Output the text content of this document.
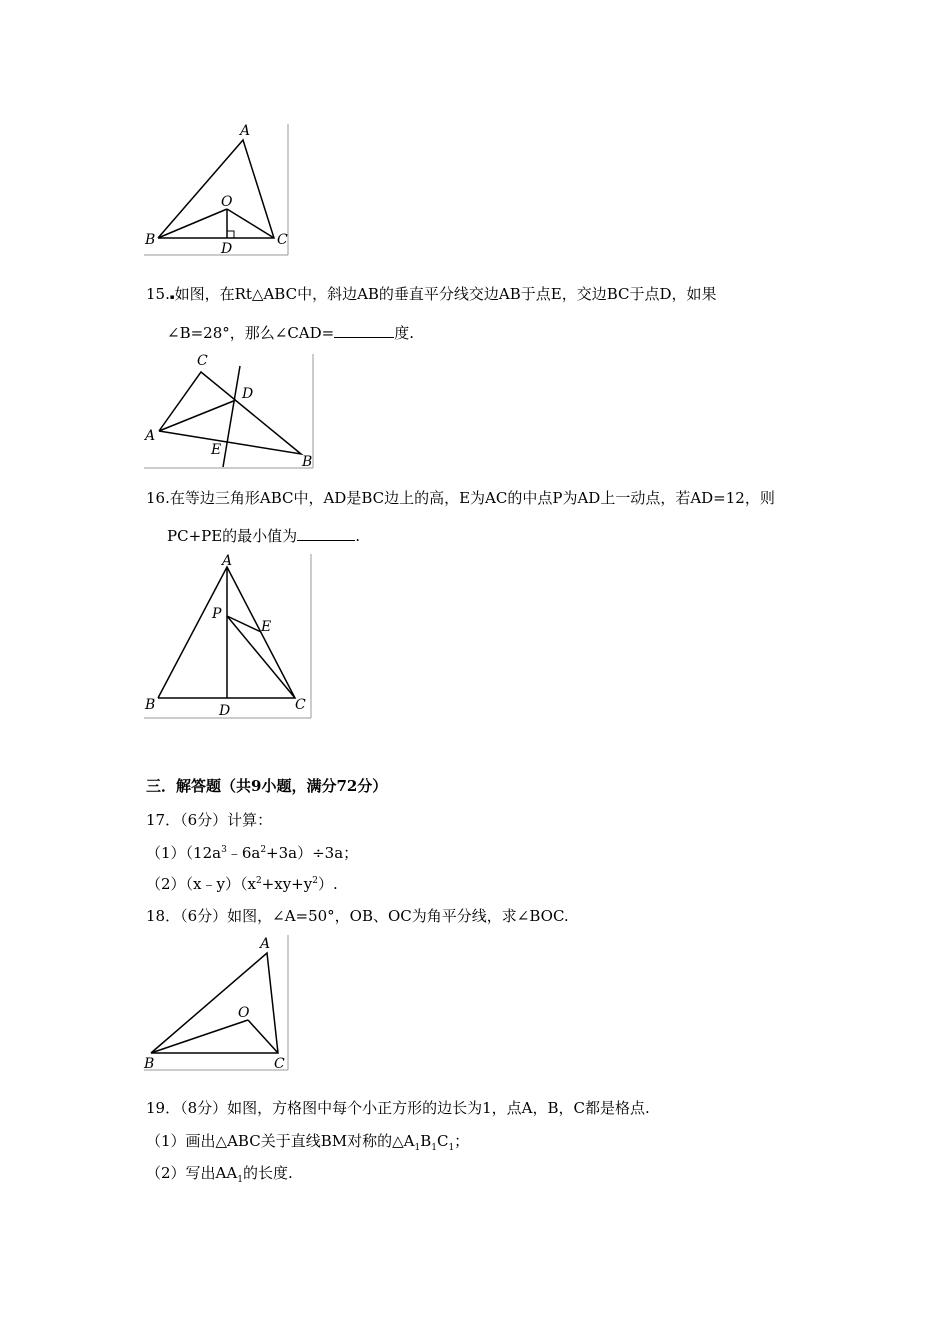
A
B	C
O
D
15.▪如图，在Rt△ABC中，斜边AB的垂直平分线交边AB于点E，交边BC于点D，如果
∠B=28°，那么∠CAD=	度.
C
D
A
E
B
16.在等边三角形ABC中，AD是BC边上的高，E为AC的中点P为AD上一动点，若AD=12，则
PC+PE的最小值为	.
A
P
E
B	D	C
三．解答题（共9小题，满分72分）
17．（6分）计算：
$(1)(12a^3﹣6a^2+3a)\div 3a$；
$(2)(x﹣y)(x^2+xy+y^2)$.
18．（6分）如图，∠A=50°，OB、OC为角平分线，求∠BOC.
A
O
B	C
19．（8分）如图，方格图中每个小正方形的边长为1，点A，B，C都是格点.
（1）画出△ABC关于直线BM对称的$\triangle A_1B_1C_1$；
（2）写出$AA_1$的长度.
